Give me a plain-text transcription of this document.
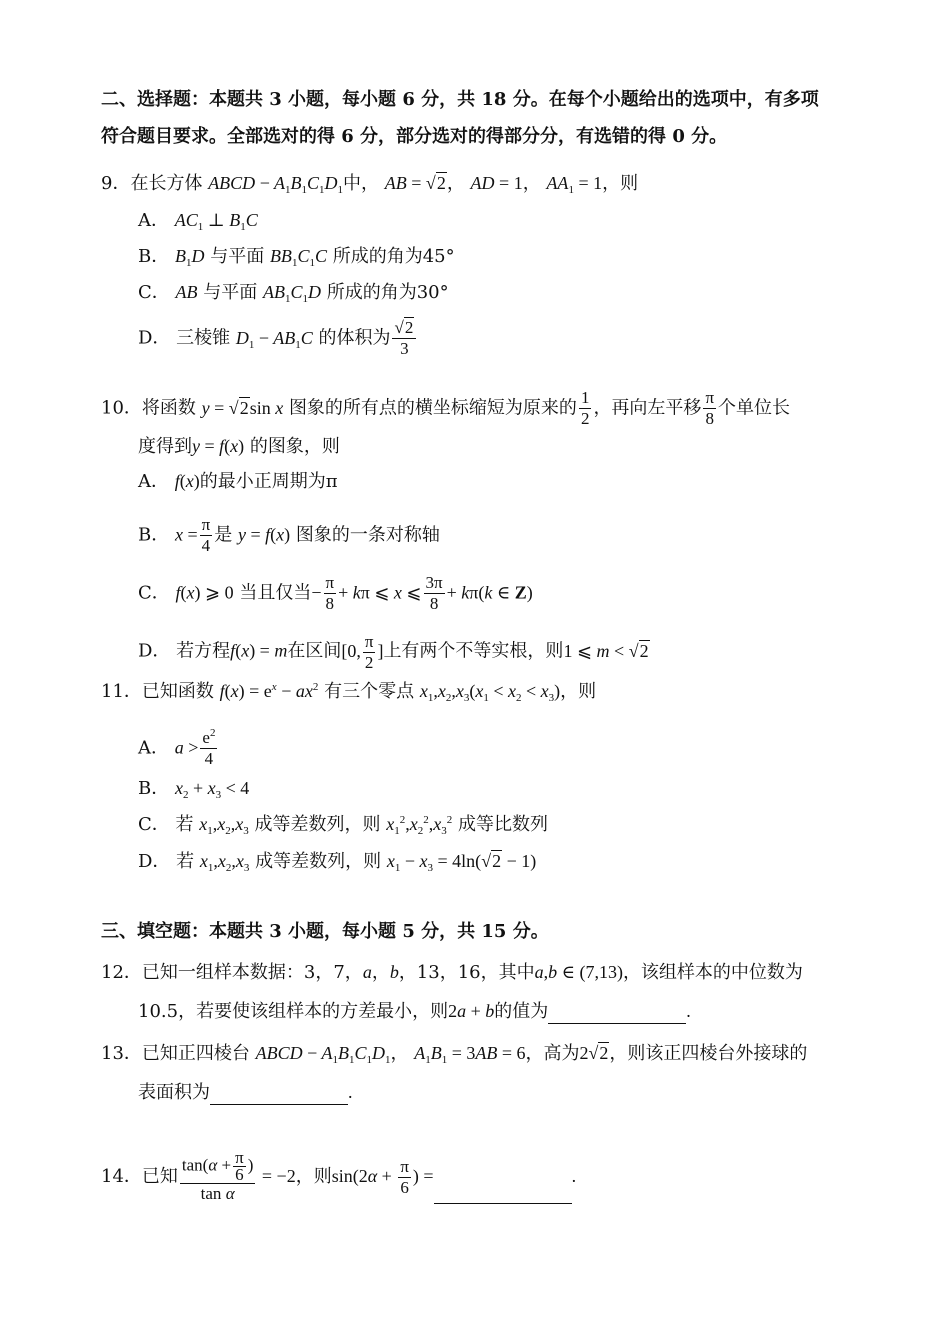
二、选择题：本题共 3 小题，每小题 6 分，共 18 分。在每个小题给出的选项中，有多项
符合题目要求。全部选对的得 6 分，部分选对的得部分分，有选错的得 0 分。
9．在长方体 ABCD − $A_1B_1C_1D_1$中， AB = √2， AD = 1， $AA_1 = 1$，则
A． $AC_1$ ⊥ $B_1C$
B． $B_1D$ 与平面 $BB_1C_1C$ 所成的角为45°
C． AB 与平面 $AB_1C_1D$ 所成的角为30°
D． 三棱锥 $D_1 - AB_1C$ 的体积为 $\frac{√2}{3}$
10．将函数 y = √2sin x 图象的所有点的横坐标缩短为原来的 $\frac{1}{2}$ ，再向左平移 $\frac{\pi}{8}$ 个单位长
度得到y = f(x) 的图象，则
A． f(x)的最小正周期为π
B． $x = \frac{\pi}{4}$ 是 y = f(x) 图象的一条对称轴
C． f(x) ⩾ 0 当且仅当− $\frac{\pi}{8} + k\pi$ ⩽ x ⩽ $\frac{3\pi}{8} + k\pi(k$ ∈ Z)
D． 若方程f(x) = m在区间[0, $\frac{\pi}{2}$ ]上有两个不等实根，则1 ⩽ m < √2
11．已知函数 $f(x) = e^x - ax^2$ 有三个零点 $x_1,x_2,x_3(x_1 < x_2 < x_3)$，则
A． $a > \frac{e^2}{4}$
B． $x_2 + x_3 < 4$
C． 若 $x_1,x_2,x_3$ 成等差数列，则 $x_1^2,x_2^2,x_3^2$ 成等比数列
D． 若 $x_1,x_2,x_3$ 成等差数列，则 $x_1 - x_3 = 4\ln(√2 - 1)$
三、填空题：本题共 3 小题，每小题 5 分，共 15 分。
12．已知一组样本数据：3，7，a，b，13，16，其中a,b ∈ (7,13)，该组样本的中位数为
10.5，若要使该组样本的方差最小，则2a + b的值为	.
13．已知正四棱台 ABCD − $A_1B_1C_1D_1$， $A_1B_1 = 3AB = 6$，高为2√2，则该正四棱台外接球的
表面积为	.
14．已知 $\frac{\tan(\alpha + \frac{\pi}{6} )}{\text{tan α}} = -2$，则$\sin(2\alpha + \frac{\pi}{6}$ ) =	.
